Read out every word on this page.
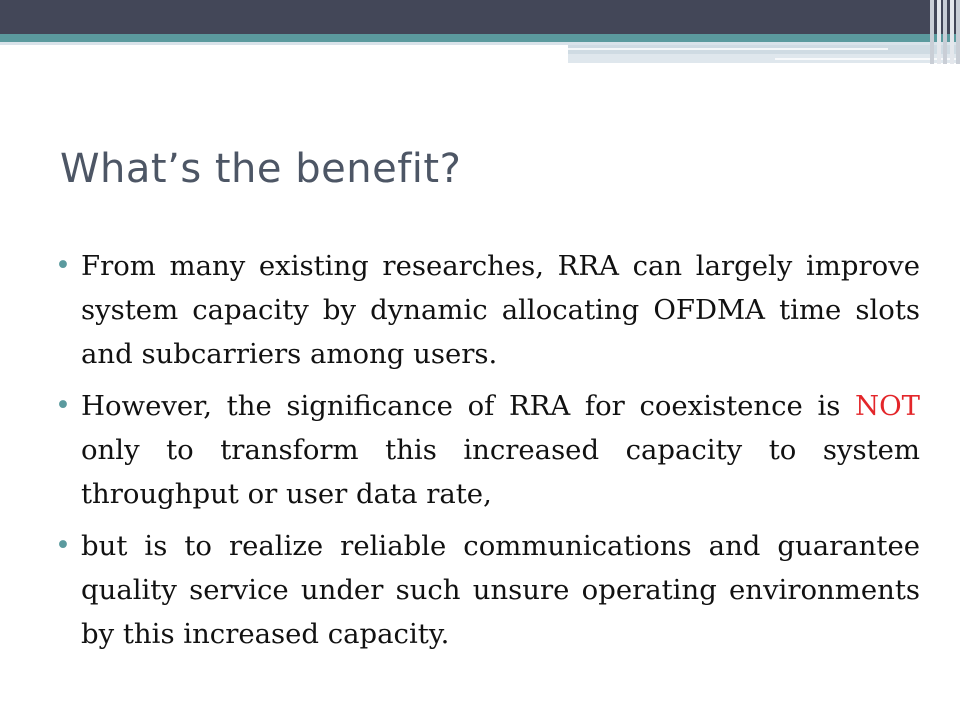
What’s the benefit?
• From many existing researches, RRA can largely improve system capacity by dynamic allocating OFDMA time slots and subcarriers among users.
• However, the significance of RRA for coexistence is NOT only to transform this increased capacity to system throughput or user data rate,
• but is to realize reliable communications and guarantee quality service under such unsure operating environments by this increased capacity.
